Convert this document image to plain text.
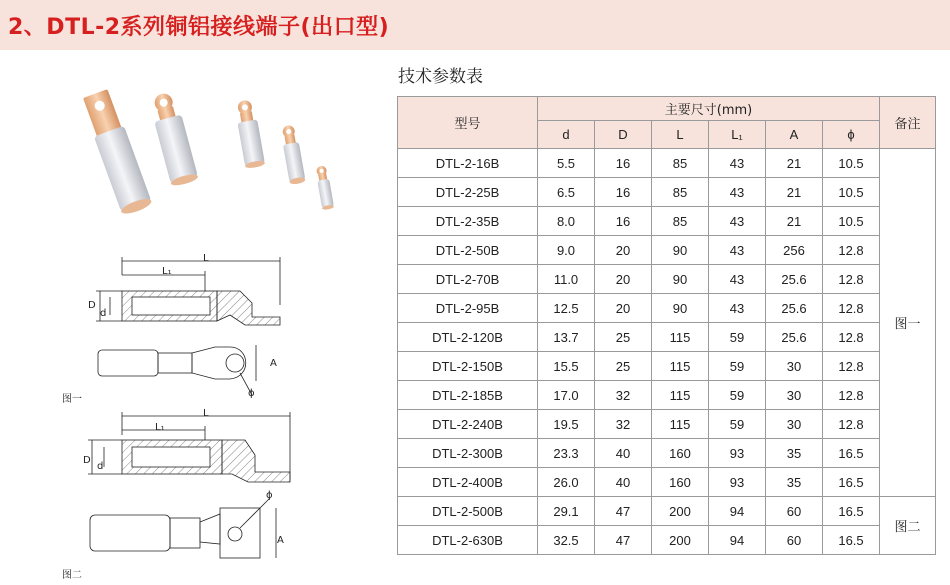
2、DTL-2系列铜铝接线端子(出口型)
技术参数表
L
L₁
D
d
A
ϕ
图一
L
L₁
D
d
A
ϕ
图二
型号	主要尺寸(mm)						备注
	d	D	L	L₁	A	ϕ	
DTL-2-16B	5.5	16	85	43	21	10.5	图一
DTL-2-25B	6.5	16	85	43	21	10.5	
DTL-2-35B	8.0	16	85	43	21	10.5	
DTL-2-50B	9.0	20	90	43	256	12.8	
DTL-2-70B	11.0	20	90	43	25.6	12.8	
DTL-2-95B	12.5	20	90	43	25.6	12.8	
DTL-2-120B	13.7	25	115	59	25.6	12.8	
DTL-2-150B	15.5	25	115	59	30	12.8	
DTL-2-185B	17.0	32	115	59	30	12.8	
DTL-2-240B	19.5	32	115	59	30	12.8	
DTL-2-300B	23.3	40	160	93	35	16.5	
DTL-2-400B	26.0	40	160	93	35	16.5	
DTL-2-500B	29.1	47	200	94	60	16.5	图二
DTL-2-630B	32.5	47	200	94	60	16.5	
